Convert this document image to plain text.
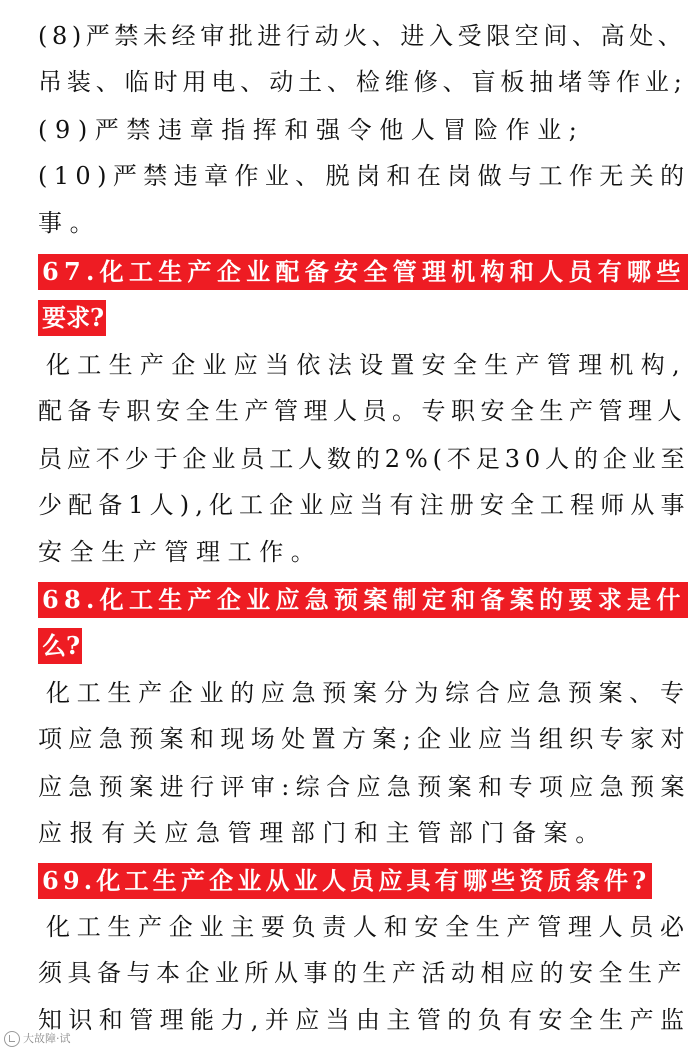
(8)严禁未经审批进行动火、进入受限空间、高处、
吊装、临时用电、动土、检维修、盲板抽堵等作业;
(9)严禁违章指挥和强令他人冒险作业;
(10)严禁违章作业、脱岗和在岗做与工作无关的
事。
67.化工生产企业配备安全管理机构和人员有哪些
要求?
化工生产企业应当依法设置安全生产管理机构,
配备专职安全生产管理人员。专职安全生产管理人
员应不少于企业员工人数的2%(不足30人的企业至
少配备1人),化工企业应当有注册安全工程师从事
安全生产管理工作。
68.化工生产企业应急预案制定和备案的要求是什
么?
化工生产企业的应急预案分为综合应急预案、专
项应急预案和现场处置方案;企业应当组织专家对
应急预案进行评审:综合应急预案和专项应急预案
应报有关应急管理部门和主管部门备案。
69.化工生产企业从业人员应具有哪些资质条件?
化工生产企业主要负责人和安全生产管理人员必
须具备与本企业所从事的生产活动相应的安全生产
知识和管理能力,并应当由主管的负有安全生产监
大故障·试
